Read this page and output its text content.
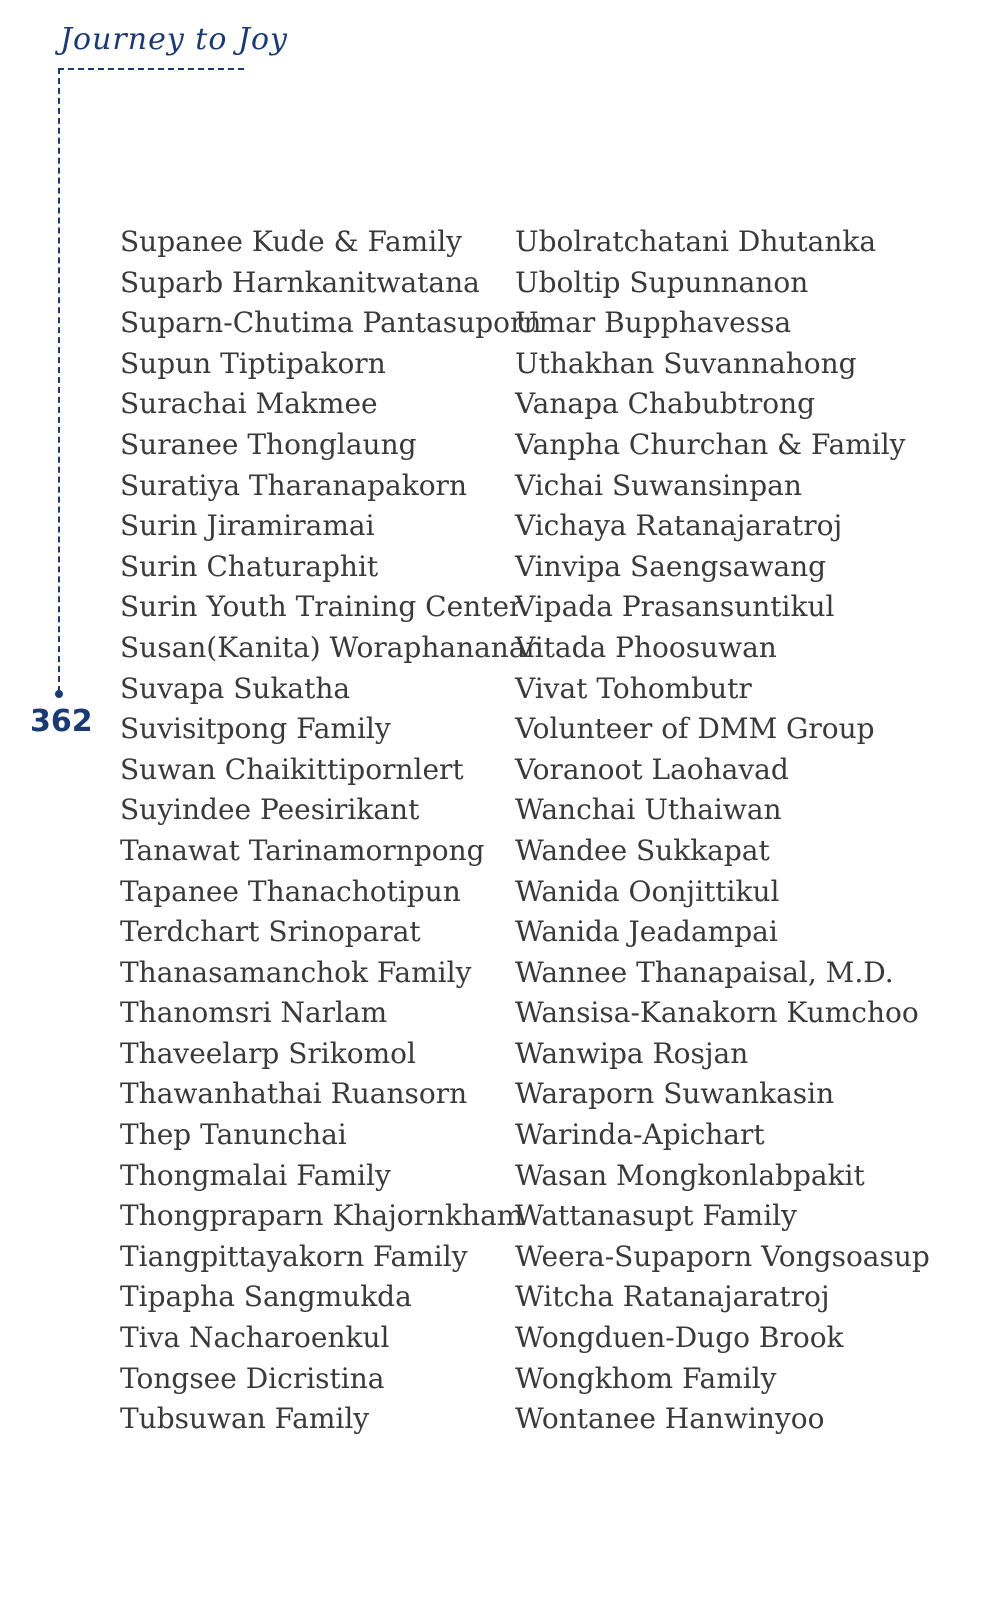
Journey to Joy
362
Supanee Kude & Family
Suparb Harnkanitwatana
Suparn-Chutima Pantasuporn
Supun Tiptipakorn
Surachai Makmee
Suranee Thonglaung
Suratiya Tharanapakorn
Surin Jiramiramai
Surin Chaturaphit
Surin Youth Training Center
Susan(Kanita) Woraphananan
Suvapa Sukatha
Suvisitpong Family
Suwan Chaikittipornlert
Suyindee Peesirikant
Tanawat Tarinamornpong
Tapanee Thanachotipun
Terdchart Srinoparat
Thanasamanchok Family
Thanomsri Narlam
Thaveelarp Srikomol
Thawanhathai Ruansorn
Thep Tanunchai
Thongmalai Family
Thongpraparn Khajornkham
Tiangpittayakorn Family
Tipapha Sangmukda
Tiva Nacharoenkul
Tongsee Dicristina
Tubsuwan Family
Ubolratchatani Dhutanka
Uboltip Supunnanon
Umar Bupphavessa
Uthakhan Suvannahong
Vanapa Chabubtrong
Vanpha Churchan & Family
Vichai Suwansinpan
Vichaya Ratanajaratroj
Vinvipa Saengsawang
Vipada Prasansuntikul
Vitada Phoosuwan
Vivat Tohombutr
Volunteer of DMM Group
Voranoot Laohavad
Wanchai Uthaiwan
Wandee Sukkapat
Wanida Oonjittikul
Wanida Jeadampai
Wannee Thanapaisal, M.D.
Wansisa-Kanakorn Kumchoo
Wanwipa Rosjan
Waraporn Suwankasin
Warinda-Apichart
Wasan Mongkonlabpakit
Wattanasupt Family
Weera-Supaporn Vongsoasup
Witcha Ratanajaratroj
Wongduen-Dugo Brook
Wongkhom Family
Wontanee Hanwinyoo
